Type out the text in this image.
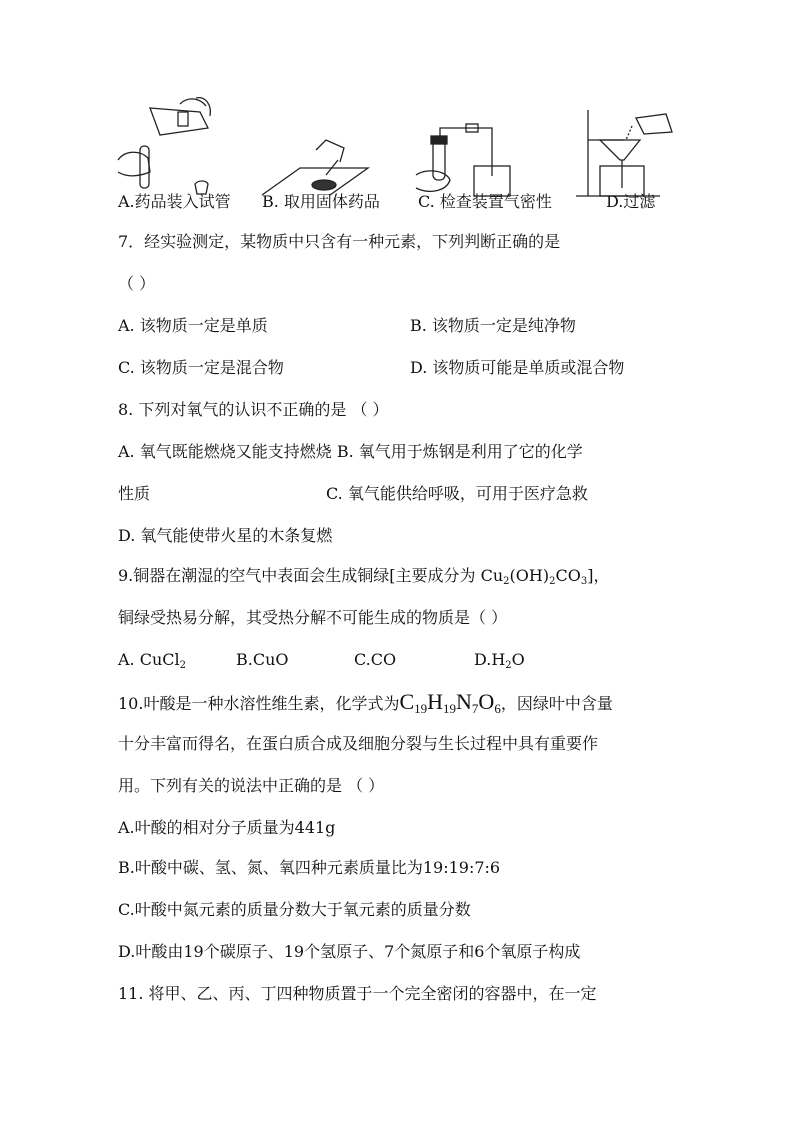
A.药品装入试管 B. 取用固体药品 C. 检查装置气密性	D.过滤
7．经实验测定，某物质中只含有一种元素，下列判断正确的是
（ ）
A. 该物质一定是单质	B. 该物质一定是纯净物
C. 该物质一定是混合物	D. 该物质可能是单质或混合物
8. 下列对氧气的认识不正确的是 （ ）
A. 氧气既能燃烧又能支持燃烧 B. 氧气用于炼钢是利用了它的化学
性质	C. 氧气能供给呼吸，可用于医疗急救
D. 氧气能使带火星的木条复燃
9.铜器在潮湿的空气中表面会生成铜绿[主要成分为 $Cu_2(OH)_2CO_3$]，
铜绿受热易分解，其受热分解不可能生成的物质是（ ）
A. CuCl$_2$	B.CuO	C.CO	$D.H_2O$
10.叶酸是一种水溶性维生素，化学式为$C_{19}H_{19}N_7O_6$，因绿叶中含量
十分丰富而得名，在蛋白质合成及细胞分裂与生长过程中具有重要作
用。下列有关的说法中正确的是 （ ）
A.叶酸的相对分子质量为441g
B.叶酸中碳、氢、氮、氧四种元素质量比为19:19:7:6
C.叶酸中氮元素的质量分数大于氧元素的质量分数
D.叶酸由19个碳原子、19个氢原子、7个氮原子和6个氧原子构成
11. 将甲、乙、丙、丁四种物质置于一个完全密闭的容器中，在一定
